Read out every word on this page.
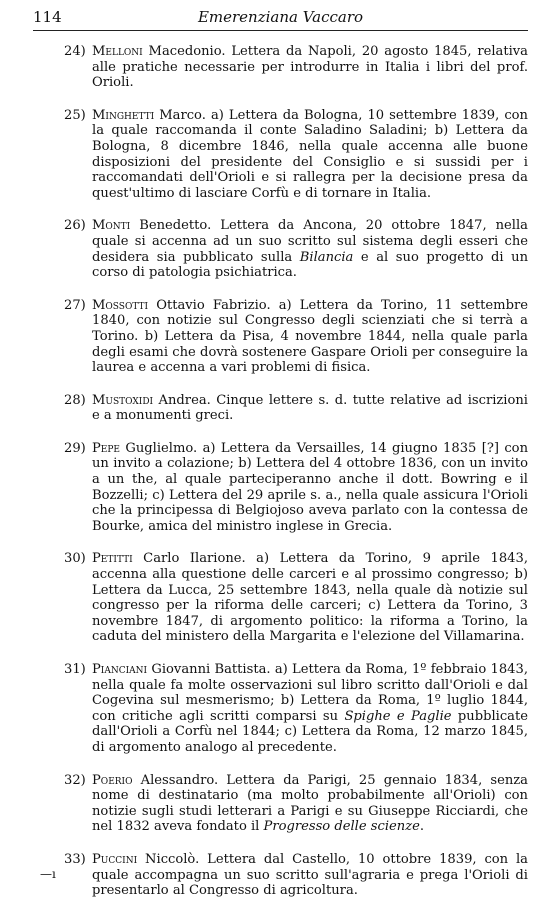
114	Emerenziana Vaccaro
24) Melloni Macedonio. Lettera da Napoli, 20 agosto 1845, relativa alle pratiche necessarie per introdurre in Italia i libri del prof. Orioli.
25) Minghetti Marco. a) Lettera da Bologna, 10 settembre 1839, con la quale raccomanda il conte Saladino Saladini; b) Lettera da Bologna, 8 dicembre 1846, nella quale accenna alle buone disposizioni del presidente del Consiglio e si sussidi per i raccomandati dell'Orioli e si rallegra per la decisione presa da quest'ultimo di lasciare Corfù e di tornare in Italia.
26) Monti Benedetto. Lettera da Ancona, 20 ottobre 1847, nella quale si accenna ad un suo scritto sul sistema degli esseri che desidera sia pubblicato sulla Bilancia e al suo progetto di un corso di patologia psichiatrica.
27) Mossotti Ottavio Fabrizio. a) Lettera da Torino, 11 settembre 1840, con notizie sul Congresso degli scienziati che si terrà a Torino. b) Lettera da Pisa, 4 novembre 1844, nella quale parla degli esami che dovrà sostenere Gaspare Orioli per conseguire la laurea e accenna a vari problemi di fisica.
28) Mustoxidi Andrea. Cinque lettere s. d. tutte relative ad iscrizioni e a monumenti greci.
29) Pepe Guglielmo. a) Lettera da Versailles, 14 giugno 1835 [?] con un invito a colazione; b) Lettera del 4 ottobre 1836, con un invito a un the, al quale parteciperanno anche il dott. Bowring e il Bozzelli; c) Lettera del 29 aprile s. a., nella quale assicura l'Orioli che la principessa di Belgiojoso aveva parlato con la contessa de Bourke, amica del ministro inglese in Grecia.
30) Petitti Carlo Ilarione. a) Lettera da Torino, 9 aprile 1843, accenna alla questione delle carceri e al prossimo congresso; b) Lettera da Lucca, 25 settembre 1843, nella quale dà notizie sul congresso per la riforma delle carceri; c) Lettera da Torino, 3 novembre 1847, di argomento politico: la riforma a Torino, la caduta del ministero della Margarita e l'elezione del Villamarina.
31) Pianciani Giovanni Battista. a) Lettera da Roma, 1º febbraio 1843, nella quale fa molte osservazioni sul libro scritto dall'Orioli e dal Cogevina sul mesmerismo; b) Lettera da Roma, 1º luglio 1844, con critiche agli scritti comparsi su Spighe e Paglie pubblicate dall'Orioli a Corfù nel 1844; c) Lettera da Roma, 12 marzo 1845, di argomento analogo al precedente.
32) Poerio Alessandro. Lettera da Parigi, 25 gennaio 1834, senza nome di destinatario (ma molto probabilmente all'Orioli) con notizie sugli studi letterari a Parigi e su Giuseppe Ricciardi, che nel 1832 aveva fondato il Progresso delle scienze.
33)
—ı
Puccini Niccolò. Lettera dal Castello, 10 ottobre 1839, con la quale accompagna un suo scritto sull'agraria e prega l'Orioli di presentarlo al Congresso di agricoltura.
